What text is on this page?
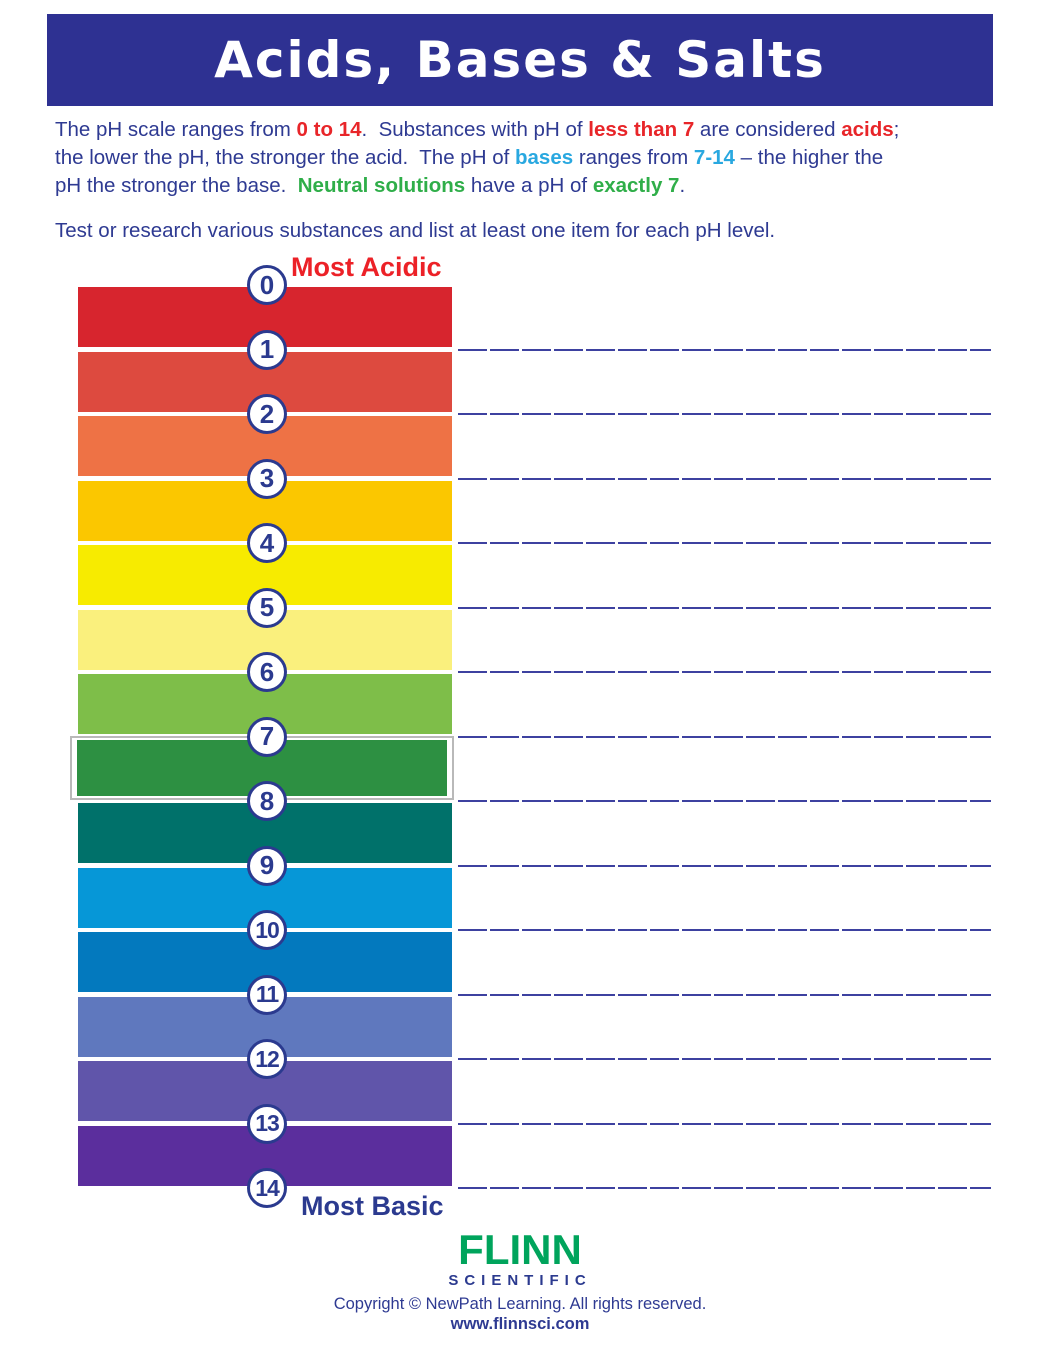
Acids, Bases & Salts
The pH scale ranges from 0 to 14.  Substances with pH of less than 7 are considered acids;
the lower the pH, the stronger the acid.  The pH of bases ranges from 7-14 – the higher the
pH the stronger the base.  Neutral solutions have a pH of exactly 7.
Test or research various substances and list at least one item for each pH level.
Most Acidic
Most Basic
0
1
2
3
4
5
6
7
8
9
10
11
12
13
14
FLINN
SCIENTIFIC
Copyright © NewPath Learning. All rights reserved.
www.flinnsci.com
